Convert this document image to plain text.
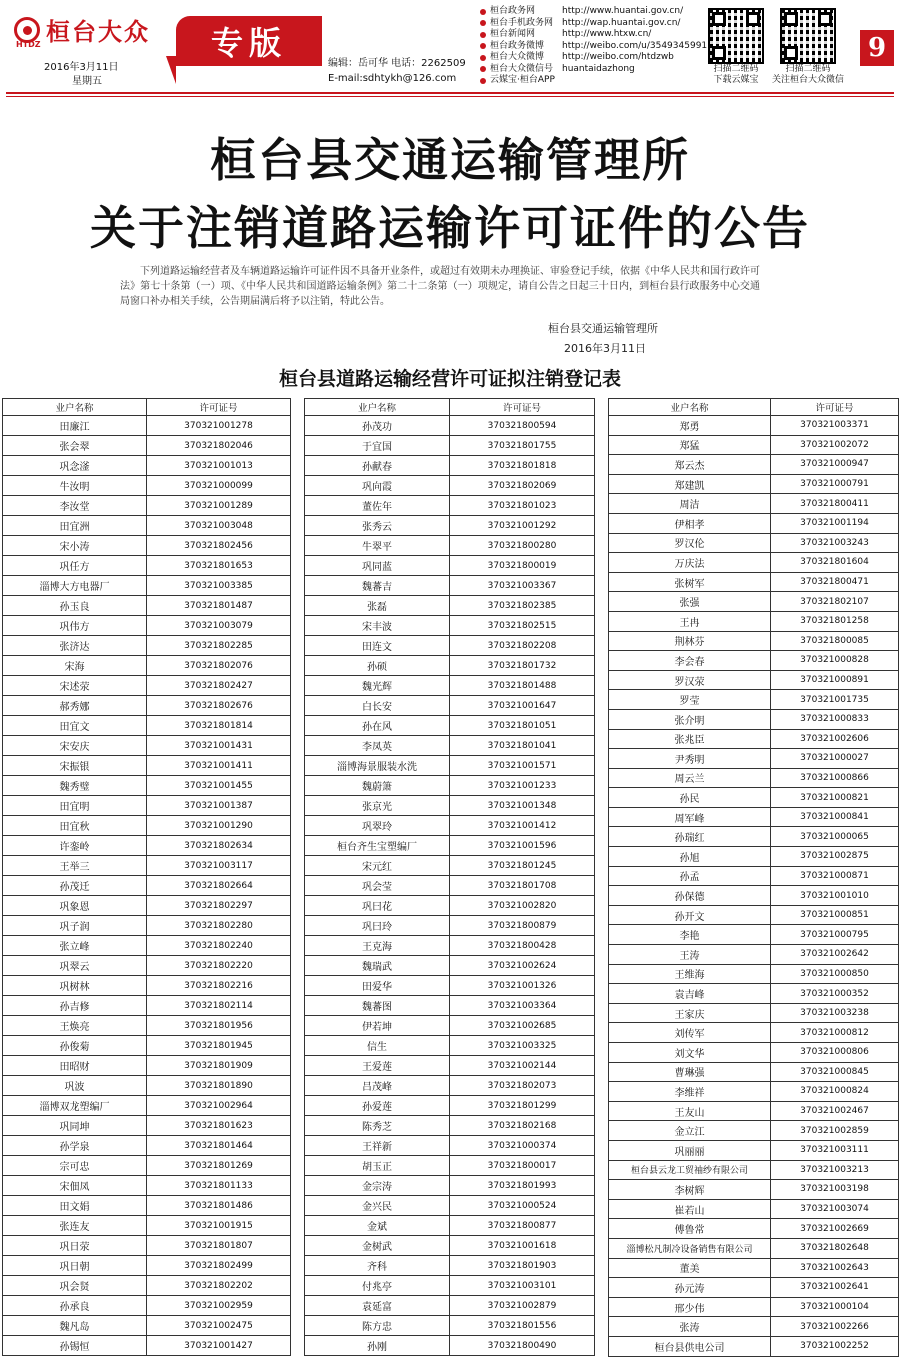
桓台大众
HTDZ
2016年3月11日
星期五
专版
编辑：岳可华 电话：2262509
E-mail:sdhtykh@126.com
桓台政务网	http://www.huantai.gov.cn/
桓台手机政务网 http://wap.huantai.gov.cn/
桓台新闻网	http://www.htxw.cn/
桓台政务微博	http://weibo.com/u/3549345991
桓台大众微博	http://weibo.com/htdzwb
桓台大众微信号 huantaidazhong
云媒宝·桓台APP
扫描二维码
下载云媒宝
扫描二维码
关注桓台大众微信
9
桓台县交通运输管理所
关于注销道路运输许可证件的公告
下列道路运输经营者及车辆道路运输许可证件因不具备开业条件，或超过有效期未办理换证、审验登记手续，依据《中华人民共和国行政许可法》第七十条第（一）项、《中华人民共和国道路运输条例》第二十二条第（一）项规定，请自公告之日起三十日内，到桓台县行政服务中心交通局窗口补办相关手续，公告期届满后将予以注销，特此公告。
桓台县交通运输管理所
2016年3月11日
桓台县道路运输经营许可证拟注销登记表
业户名称	许可证号
田廉江	370321001278
张会翠	370321802046
巩念滏	370321001013
牛汝明	370321000099
李汝堂	370321001289
田宜洲	370321003048
宋小涛	370321802456
巩任方	370321801653
淄博大方电器厂	370321003385
孙玉良	370321801487
巩伟方	370321003079
张济达	370321802285
宋海	370321802076
宋述荥	370321802427
郝秀娜	370321802676
田宜文	370321801814
宋安庆	370321001431
宋振银	370321001411
魏秀璧	370321001455
田宜明	370321001387
田宜秋	370321001290
许銮岭	370321802634
王举三	370321003117
孙茂迁	370321802664
巩象恩	370321802297
巩子润	370321802280
张立峰	370321802240
巩翠云	370321802220
巩树林	370321802216
孙吉修	370321802114
王焕亮	370321801956
孙俊菊	370321801945
田昭财	370321801909
巩波	370321801890
淄博双龙塑编厂	370321002964
巩同坤	370321801623
孙学泉	370321801464
宗可忠	370321801269
宋佃凤	370321801133
田文娟	370321801486
张连友	370321001915
巩日荥	370321801807
巩日朝	370321802499
巩会贤	370321802202
孙承良	370321002959
魏凡岛	370321002475
孙锡恒	370321001427
业户名称	许可证号
孙茂功	370321800594
于宜国	370321801755
孙献春	370321801818
巩向霞	370321802069
董佐年	370321801023
张秀云	370321001292
牛翠平	370321800280
巩同蓝	370321800019
魏蕃吉	370321003367
张磊	370321802385
宋丰波	370321802515
田连文	370321802208
孙硕	370321801732
魏光辉	370321801488
白长安	370321001647
孙在风	370321801051
李凤英	370321801041
淄博海景服装水洗	370321001571
魏蔚箫	370321001233
张京光	370321001348
巩翠玲	370321001412
桓台齐生宝塑编厂	370321001596
宋元红	370321801245
巩会莹	370321801708
巩曰花	370321002820
巩曰玲	370321800879
王克海	370321800428
魏瑞武	370321002624
田爱华	370321001326
魏蕃图	370321003364
伊若坤	370321002685
信生	370321003325
王爱莲	370321002144
吕茂峰	370321802073
孙爱莲	370321801299
陈秀芝	370321802168
王祥新	370321000374
胡玉正	370321800017
金宗涛	370321801993
金兴民	370321000524
金斌	370321800877
金树武	370321001618
齐科	370321801903
付兆亭	370321003101
袁延富	370321002879
陈方忠	370321801556
孙刚	370321800490
业户名称	许可证号
郑勇	370321003371
郑猛	370321002072
郑云杰	370321000947
郑建凯	370321000791
周洁	370321800411
伊相孝	370321001194
罗汉伦	370321003243
万庆法	370321801604
张树军	370321800471
张强	370321802107
王冉	370321801258
荆林芬	370321800085
李会春	370321000828
罗汉荥	370321000891
罗莹	370321001735
张介明	370321000833
张兆臣	370321002606
尹秀明	370321000027
周云兰	370321000866
孙民	370321000821
周军峰	370321000841
孙瑞红	370321000065
孙旭	370321002875
孙孟	370321000871
孙保德	370321001010
孙开文	370321000851
李艳	370321000795
王涛	370321002642
王维海	370321000850
袁吉峰	370321000352
王家庆	370321003238
刘传军	370321000812
刘文华	370321000806
曹琳强	370321000845
李维祥	370321000824
王友山	370321002467
金立江	370321002859
巩丽丽	370321003111
桓台县云龙工贸袖纱有限公司	370321003213
李树辉	370321003198
崔若山	370321003074
傅鲁常	370321002669
淄博松凡制冷设备销售有限公司	370321802648
董美	370321002643
孙元涛	370321002641
邢少伟	370321000104
张涛	370321002266
桓台县供电公司	370321002252
